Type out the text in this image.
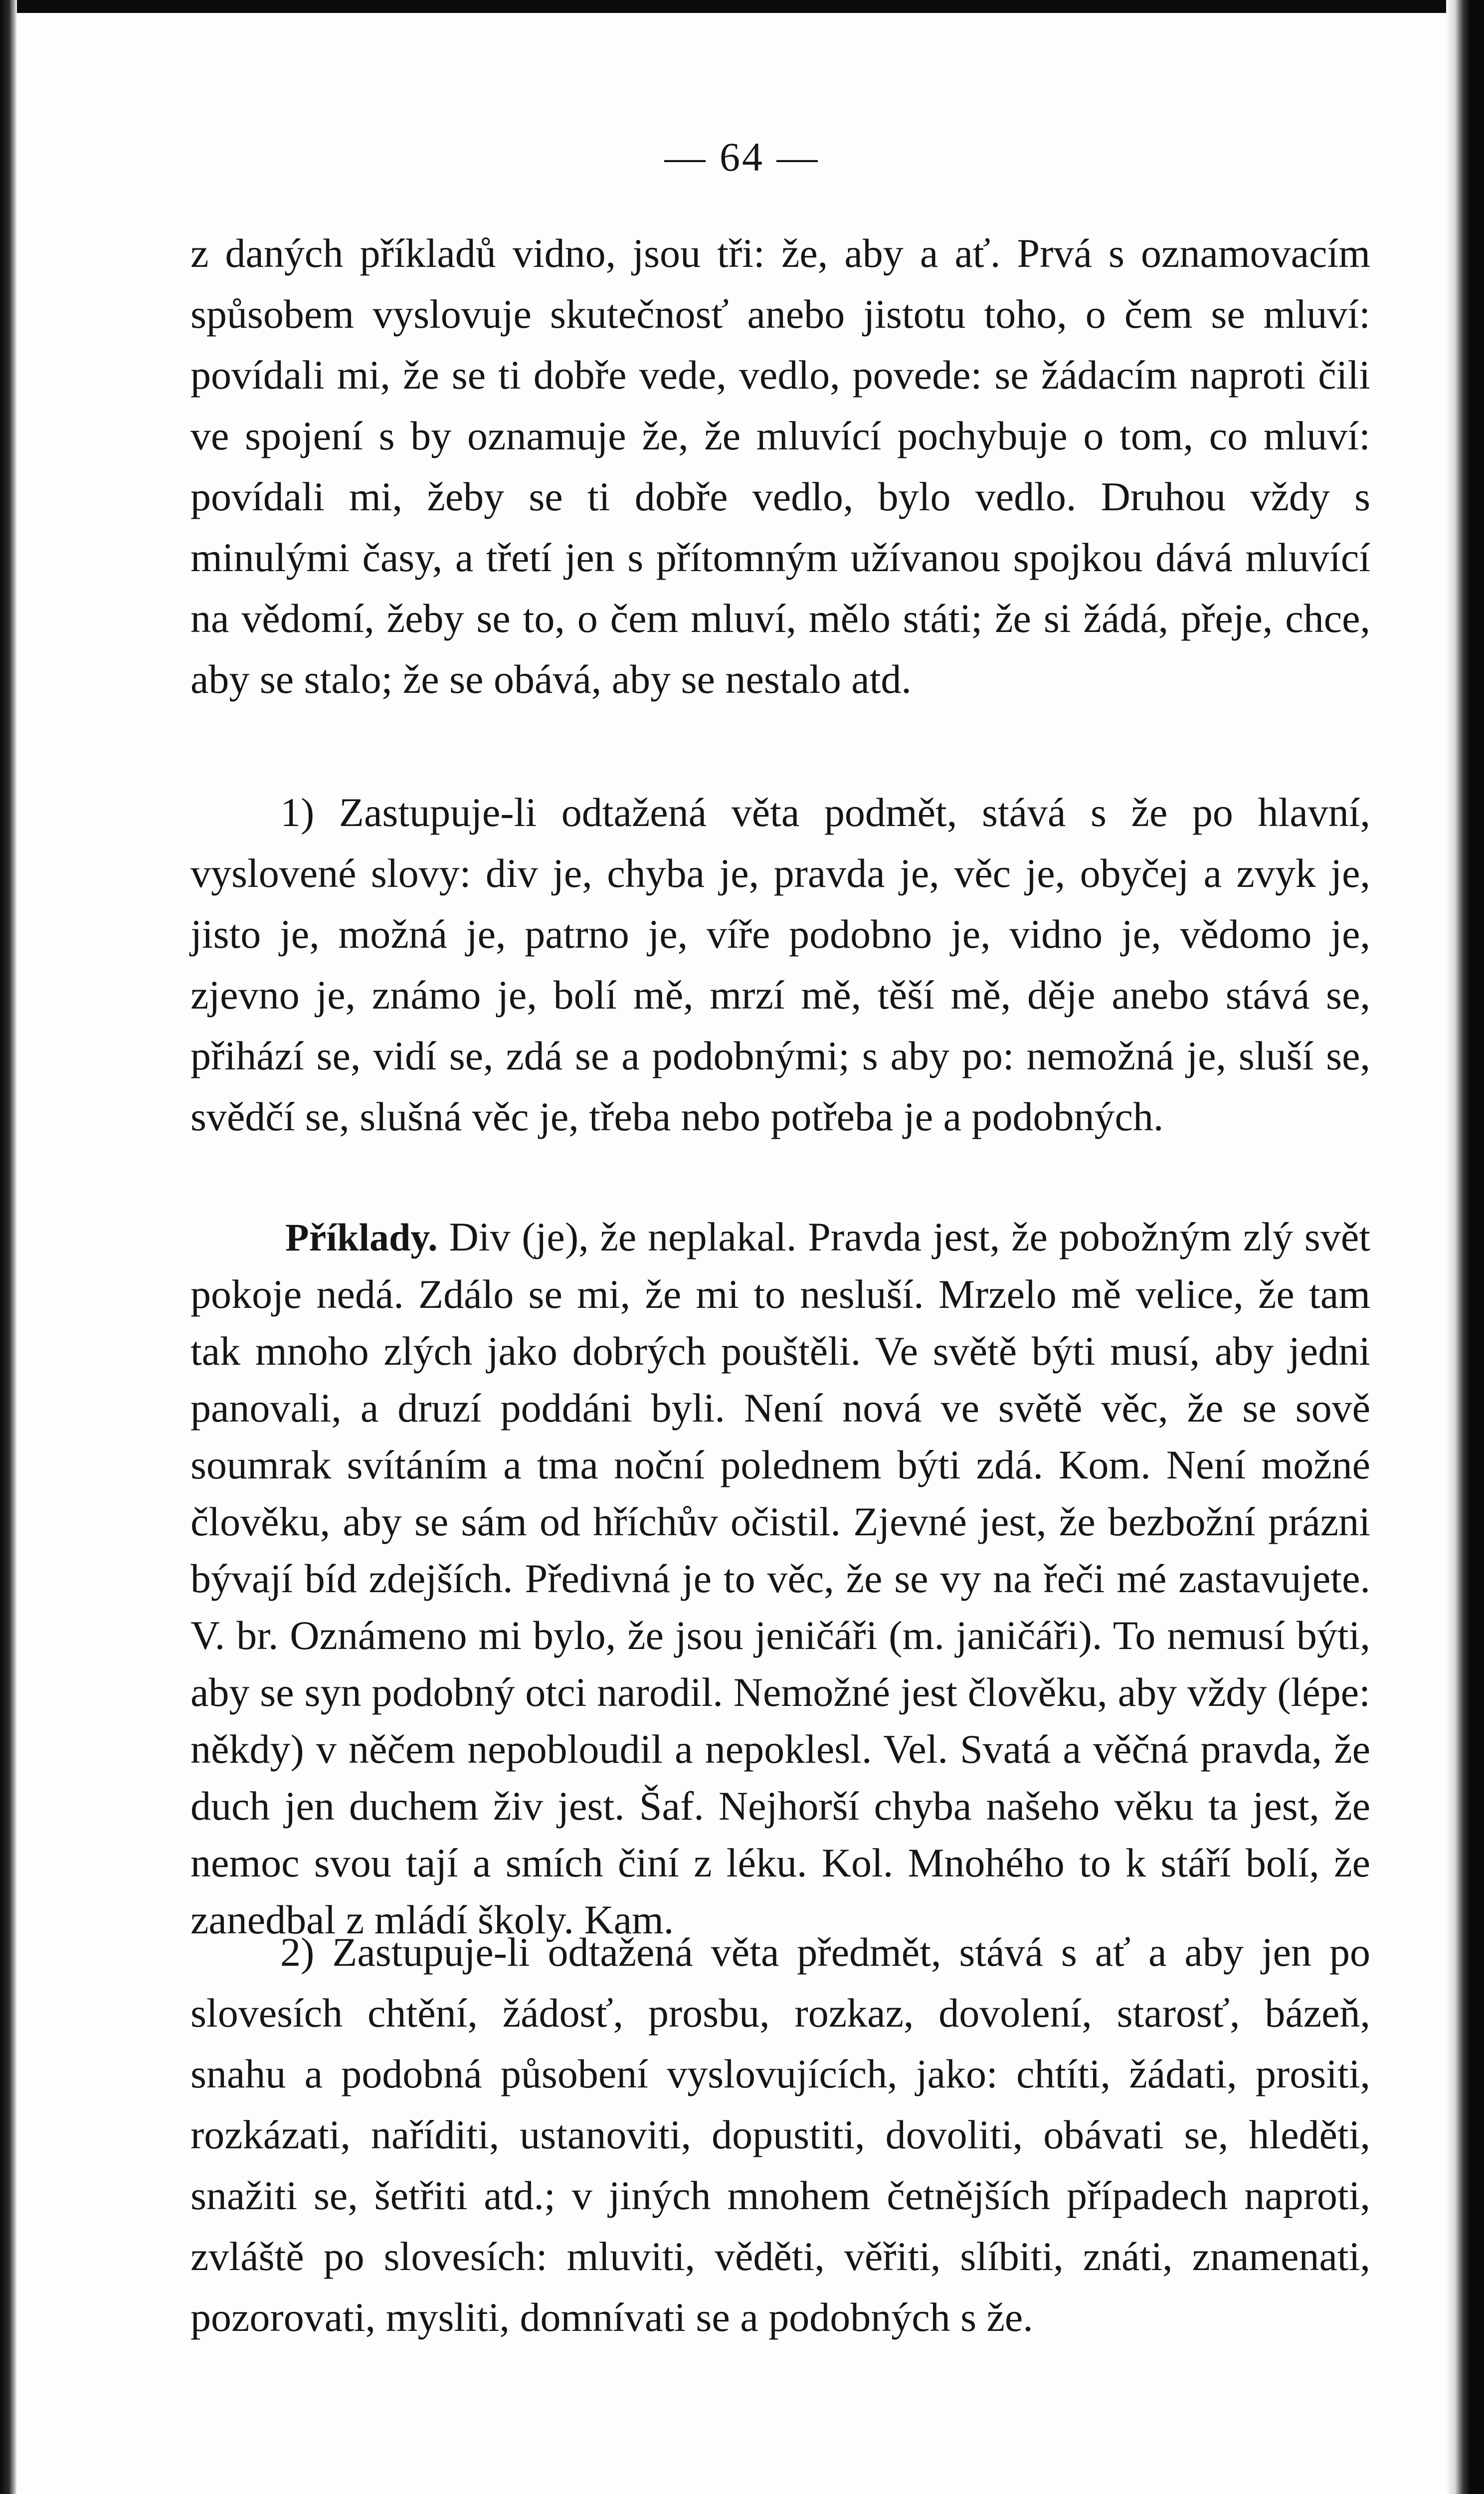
— 64 —

z daných příkladů vidno, jsou tři: že, aby a ať. Prvá s oznamovacím spůsobem vyslovuje skutečnosť anebo jistotu toho, o čem se mluví: povídali mi, že se ti dobře vede, vedlo, povede: se žádacím naproti čili ve spojení s by oznamuje že, že mluvící pochybuje o tom, co mluví: povídali mi, žeby se ti dobře vedlo, bylo vedlo. Druhou vždy s minulými časy, a třetí jen s přítomným užívanou spojkou dává mluvící na vědomí, žeby se to, o čem mluví, mělo státi; že si žádá, přeje, chce, aby se stalo; že se obává, aby se nestalo atd.

1) Zastupuje-li odtažená věta podmět, stává s že po hlavní, vyslovené slovy: div je, chyba je, pravda je, věc je, obyčej a zvyk je, jisto je, možná je, patrno je, víře podobno je, vidno je, vědomo je, zjevno je, známo je, bolí mě, mrzí mě, těší mě, děje anebo stává se, přihází se, vidí se, zdá se a podobnými; s aby po: nemožná je, sluší se, svědčí se, slušná věc je, třeba nebo potřeba je a podobných.

Příklady. Div (je), že neplakal. Pravda jest, že pobožným zlý svět pokoje nedá. Zdálo se mi, že mi to nesluší. Mrzelo mě velice, že tam tak mnoho zlých jako dobrých pouštěli. Ve světě býti musí, aby jedni panovali, a druzí poddáni byli. Není nová ve světě věc, že se sově soumrak svítáním a tma noční polednem býti zdá. Kom. Není možné člověku, aby se sám od hříchův očistil. Zjevné jest, že bezbožní prázni bývají bíd zdejších. Předivná je to věc, že se vy na řeči mé zastavujete. V. br. Oznámeno mi bylo, že jsou jeničáři (m. janičáři). To nemusí býti, aby se syn podobný otci narodil. Nemožné jest člověku, aby vždy (lépe: někdy) v něčem nepobloudil a nepoklesl. Vel. Svatá a věčná pravda, že duch jen duchem živ jest. Šaf. Nejhorší chyba našeho věku ta jest, že nemoc svou tají a smích činí z léku. Kol. Mnohého to k stáří bolí, že zanedbal z mládí školy. Kam.

2) Zastupuje-li odtažená věta předmět, stává s ať a aby jen po slovesích chtění, žádosť, prosbu, rozkaz, dovolení, starosť, bázeň, snahu a podobná působení vyslovujících, jako: chtíti, žádati, prositi, rozkázati, naříditi, ustanoviti, dopustiti, dovoliti, obávati se, hleděti, snažiti se, šetřiti atd.; v jiných mnohem četnějších případech naproti, zvláště po slovesích: mluviti, věděti, věřiti, slíbiti, znáti, znamenati, pozorovati, mysliti, domnívati se a podobných s že.
